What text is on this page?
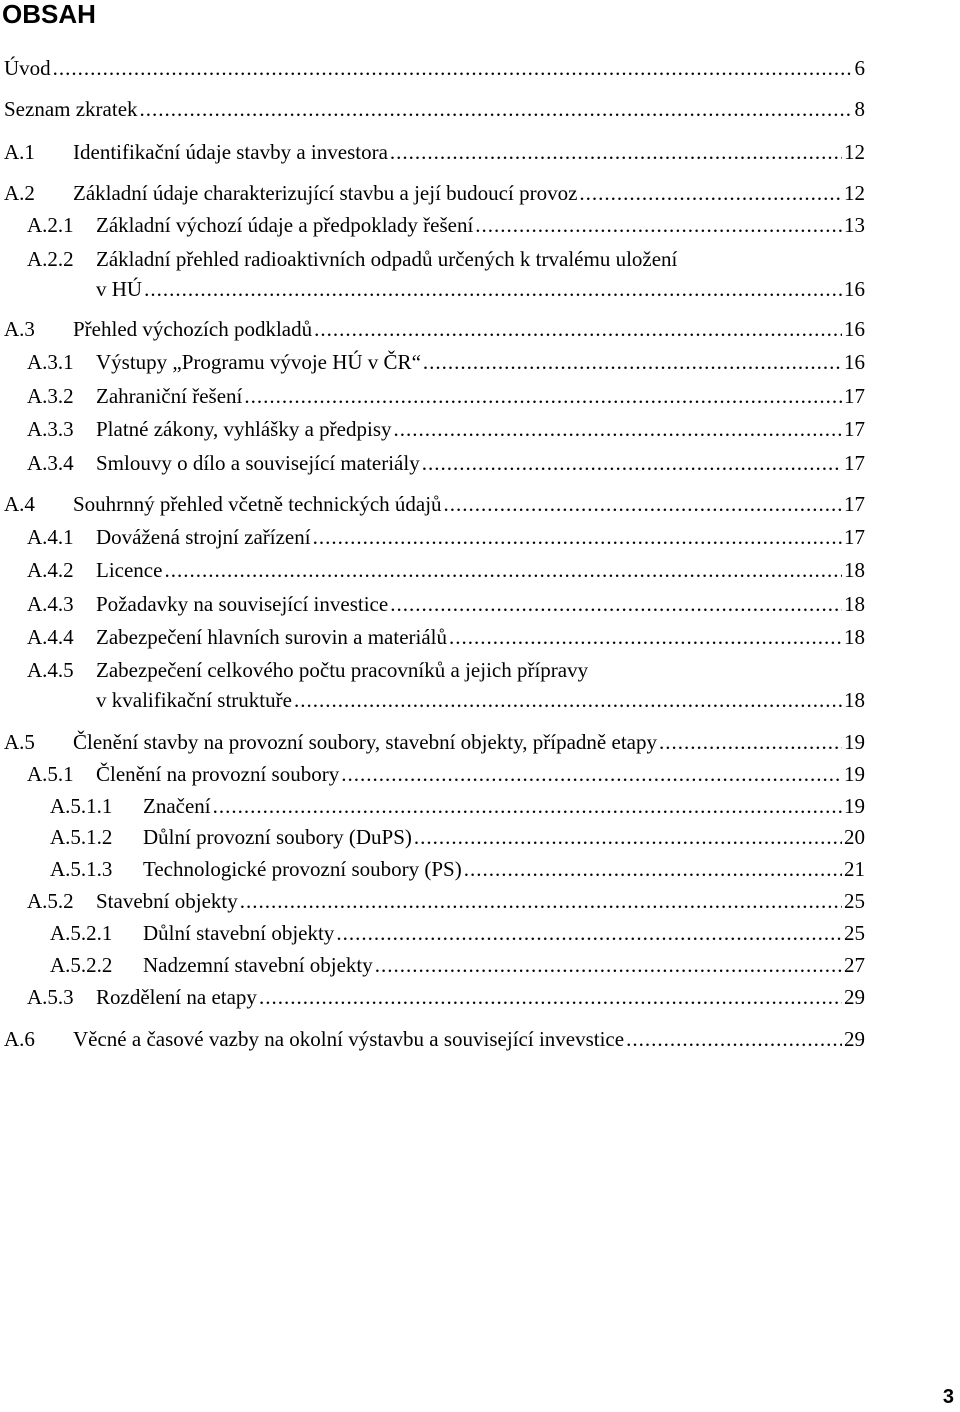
OBSAH
Úvod .....	6
Seznam zkratek .....	8
A.1 Identifikační údaje stavby a investora .....	12
A.2 Základní údaje charakterizující stavbu a její budoucí provoz .....	12
A.2.1 Základní výchozí údaje a předpoklady řešení .....	13
A.2.2 Základní přehled radioaktivních odpadů určených k trvalému uložení
v HÚ .....	16
A.3 Přehled výchozích podkladů .....	16
A.3.1 Výstupy „Programu vývoje HÚ v ČR“ .....	16
A.3.2 Zahraniční řešení .....	17
A.3.3 Platné zákony, vyhlášky a předpisy .....	17
A.3.4 Smlouvy o dílo a související materiály .....	17
A.4 Souhrnný přehled včetně technických údajů .....	17
A.4.1 Dovážená strojní zařízení .....	17
A.4.2 Licence .....	18
A.4.3 Požadavky na související investice .....	18
A.4.4 Zabezpečení hlavních surovin a materiálů .....	18
A.4.5 Zabezpečení celkového počtu pracovníků a jejich přípravy
v kvalifikační struktuře .....	18
A.5 Členění stavby na provozní soubory, stavební objekty, případně etapy .....	19
A.5.1 Členění na provozní soubory .....	19
A.5.1.1 Značení .....	19
A.5.1.2 Důlní provozní soubory (DuPS) .....	20
A.5.1.3 Technologické provozní soubory (PS) .....	21
A.5.2 Stavební objekty .....	25
A.5.2.1 Důlní stavební objekty .....	25
A.5.2.2 Nadzemní stavební objekty .....	27
A.5.3 Rozdělení na etapy .....	29
A.6 Věcné a časové vazby na okolní výstavbu a související invevstice .....	29
3
